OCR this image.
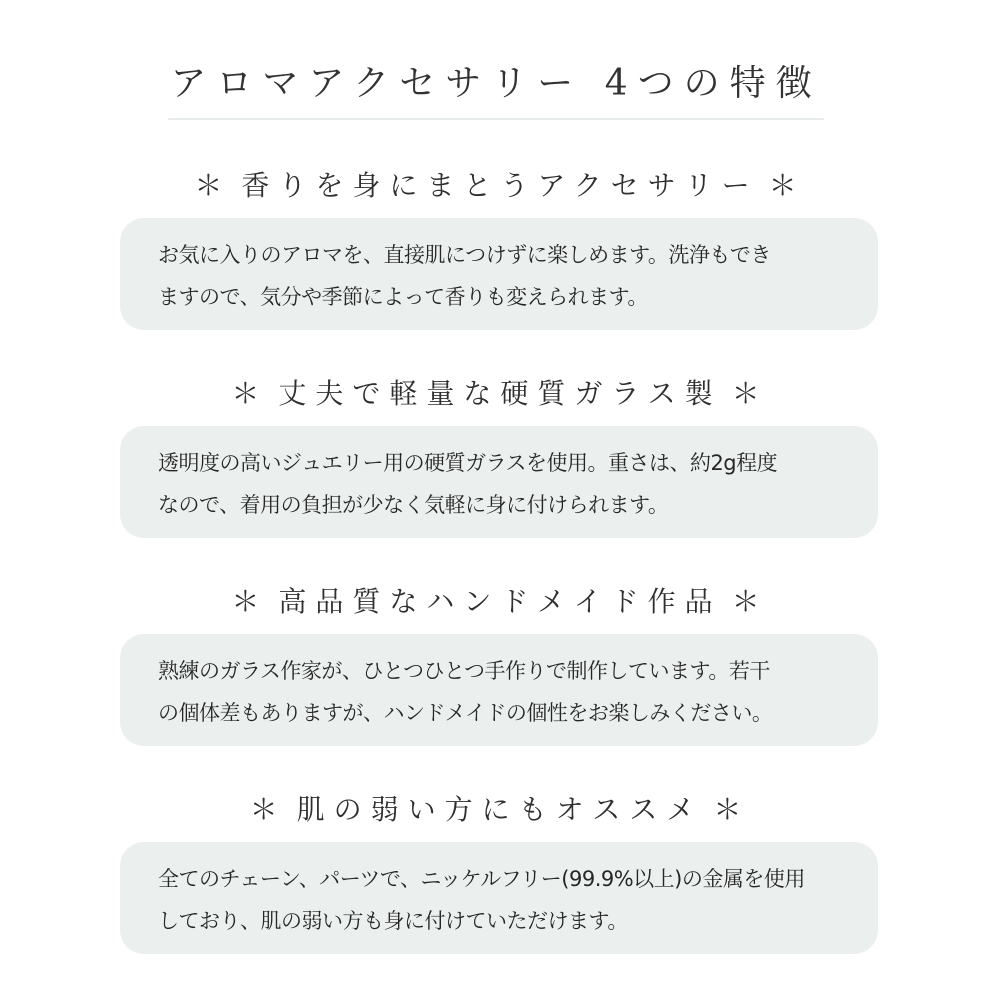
アロマアクセサリー 4つの特徴
＊ 香りを身にまとうアクセサリー ＊
お気に入りのアロマを、直接肌につけずに楽しめます。洗浄もでき
ますので、気分や季節によって香りも変えられます。
＊ 丈夫で軽量な硬質ガラス製 ＊
透明度の高いジュエリー用の硬質ガラスを使用。重さは、約2g程度
なので、着用の負担が少なく気軽に身に付けられます。
＊ 高品質なハンドメイド作品 ＊
熟練のガラス作家が、ひとつひとつ手作りで制作しています。若干
の個体差もありますが、ハンドメイドの個性をお楽しみください。
＊ 肌の弱い方にもオススメ ＊
全てのチェーン、パーツで、ニッケルフリー(99.9%以上)の金属を使用
しており、肌の弱い方も身に付けていただけます。
